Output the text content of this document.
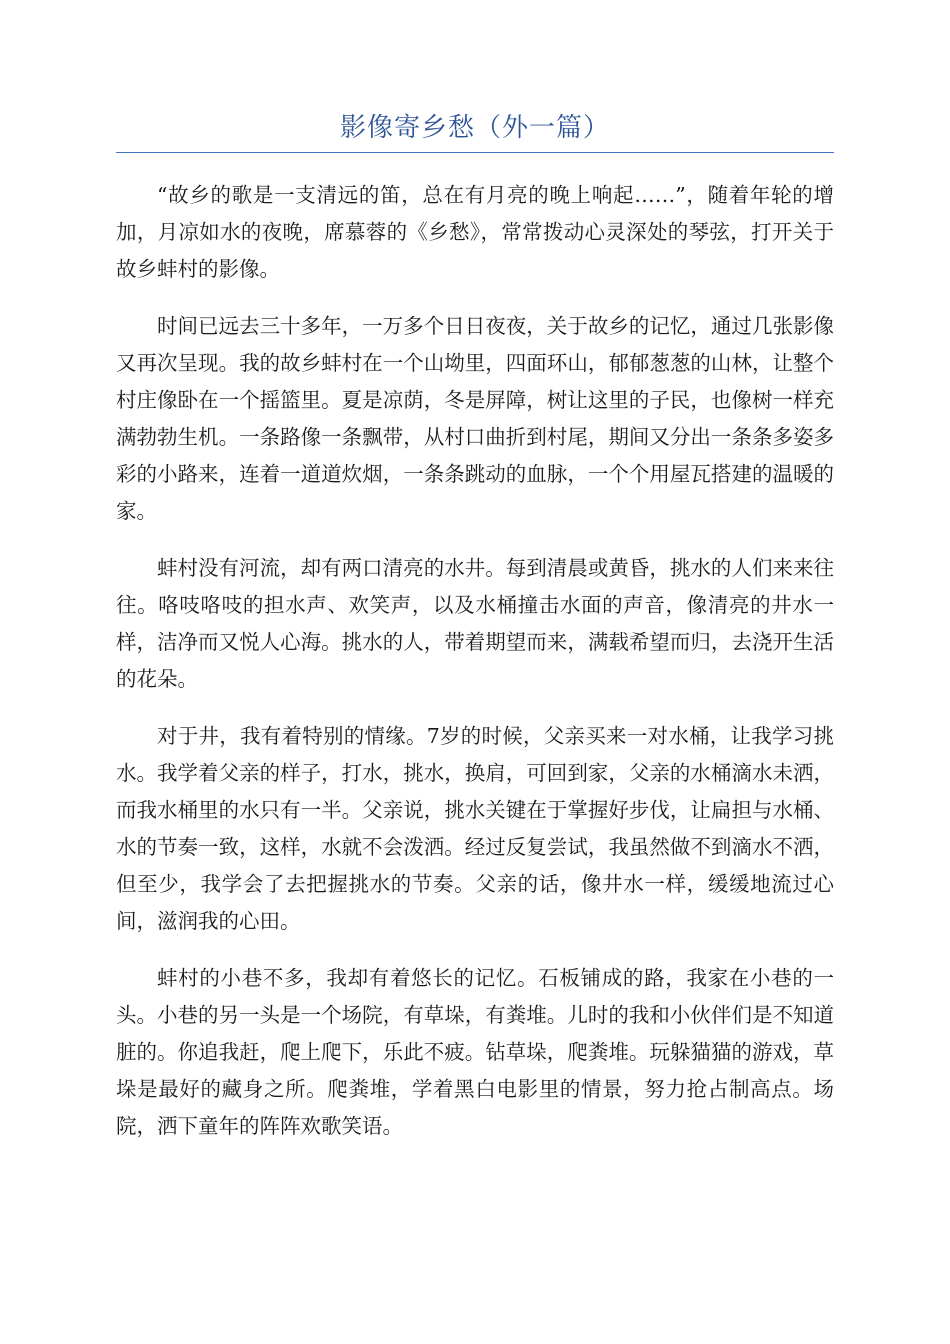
影像寄乡愁（外一篇）

“故乡的歌是一支清远的笛，总在有月亮的晚上响起……”，随着年轮的增加，月凉如水的夜晚，席慕蓉的《乡愁》，常常拨动心灵深处的琴弦，打开关于故乡蚌村的影像。

时间已远去三十多年，一万多个日日夜夜，关于故乡的记忆，通过几张影像又再次呈现。我的故乡蚌村在一个山坳里，四面环山，郁郁葱葱的山林，让整个村庄像卧在一个摇篮里。夏是凉荫，冬是屏障，树让这里的子民，也像树一样充满勃勃生机。一条路像一条飘带，从村口曲折到村尾，期间又分出一条条多姿多彩的小路来，连着一道道炊烟，一条条跳动的血脉，一个个用屋瓦搭建的温暖的家。

蚌村没有河流，却有两口清亮的水井。每到清晨或黄昏，挑水的人们来来往往。咯吱咯吱的担水声、欢笑声，以及水桶撞击水面的声音，像清亮的井水一样，洁净而又悦人心海。挑水的人，带着期望而来，满载希望而归，去浇开生活的花朵。

对于井，我有着特别的情缘。7岁的时候，父亲买来一对水桶，让我学习挑水。我学着父亲的样子，打水，挑水，换肩，可回到家，父亲的水桶滴水未洒，而我水桶里的水只有一半。父亲说，挑水关键在于掌握好步伐，让扁担与水桶、水的节奏一致，这样，水就不会泼洒。经过反复尝试，我虽然做不到滴水不洒，但至少，我学会了去把握挑水的节奏。父亲的话，像井水一样，缓缓地流过心间，滋润我的心田。

蚌村的小巷不多，我却有着悠长的记忆。石板铺成的路，我家在小巷的一头。小巷的另一头是一个场院，有草垛，有粪堆。儿时的我和小伙伴们是不知道脏的。你追我赶，爬上爬下，乐此不疲。钻草垛，爬粪堆。玩躲猫猫的游戏，草垛是最好的藏身之所。爬粪堆，学着黑白电影里的情景，努力抢占制高点。场院，洒下童年的阵阵欢歌笑语。
